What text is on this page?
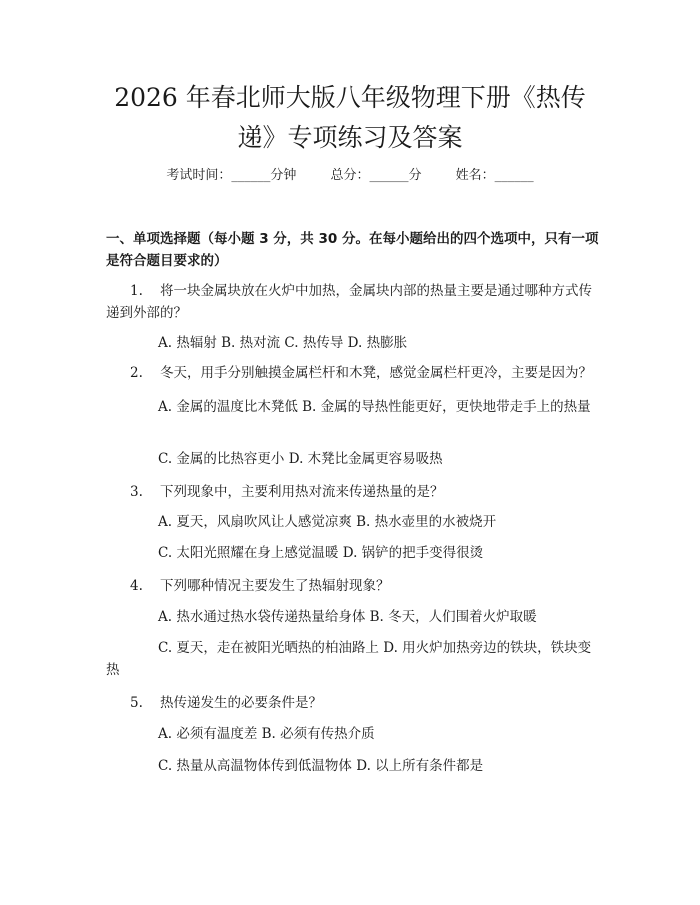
2026 年春北师大版八年级物理下册《热传
递》专项练习及答案
考试时间：______分钟	总分：______分	姓名：______
一、单项选择题（每小题 3 分，共 30 分。在每小题给出的四个选项中，只有一项是符合题目要求的）

1. 将一块金属块放在火炉中加热，金属块内部的热量主要是通过哪种方式传递到外部的？

A. 热辐射 B. 热对流 C. 热传导 D. 热膨胀

2. 冬天，用手分别触摸金属栏杆和木凳，感觉金属栏杆更冷，主要是因为？

A. 金属的温度比木凳低 B. 金属的导热性能更好，更快地带走手上的热量

C. 金属的比热容更小 D. 木凳比金属更容易吸热

3. 下列现象中，主要利用热对流来传递热量的是？

A. 夏天，风扇吹风让人感觉凉爽 B. 热水壶里的水被烧开

C. 太阳光照耀在身上感觉温暖 D. 锅铲的把手变得很烫

4. 下列哪种情况主要发生了热辐射现象？

A. 热水通过热水袋传递热量给身体 B. 冬天，人们围着火炉取暖

C. 夏天，走在被阳光晒热的柏油路上 D. 用火炉加热旁边的铁块，铁块变热

5. 热传递发生的必要条件是？

A. 必须有温度差 B. 必须有传热介质

C. 热量从高温物体传到低温物体 D. 以上所有条件都是
